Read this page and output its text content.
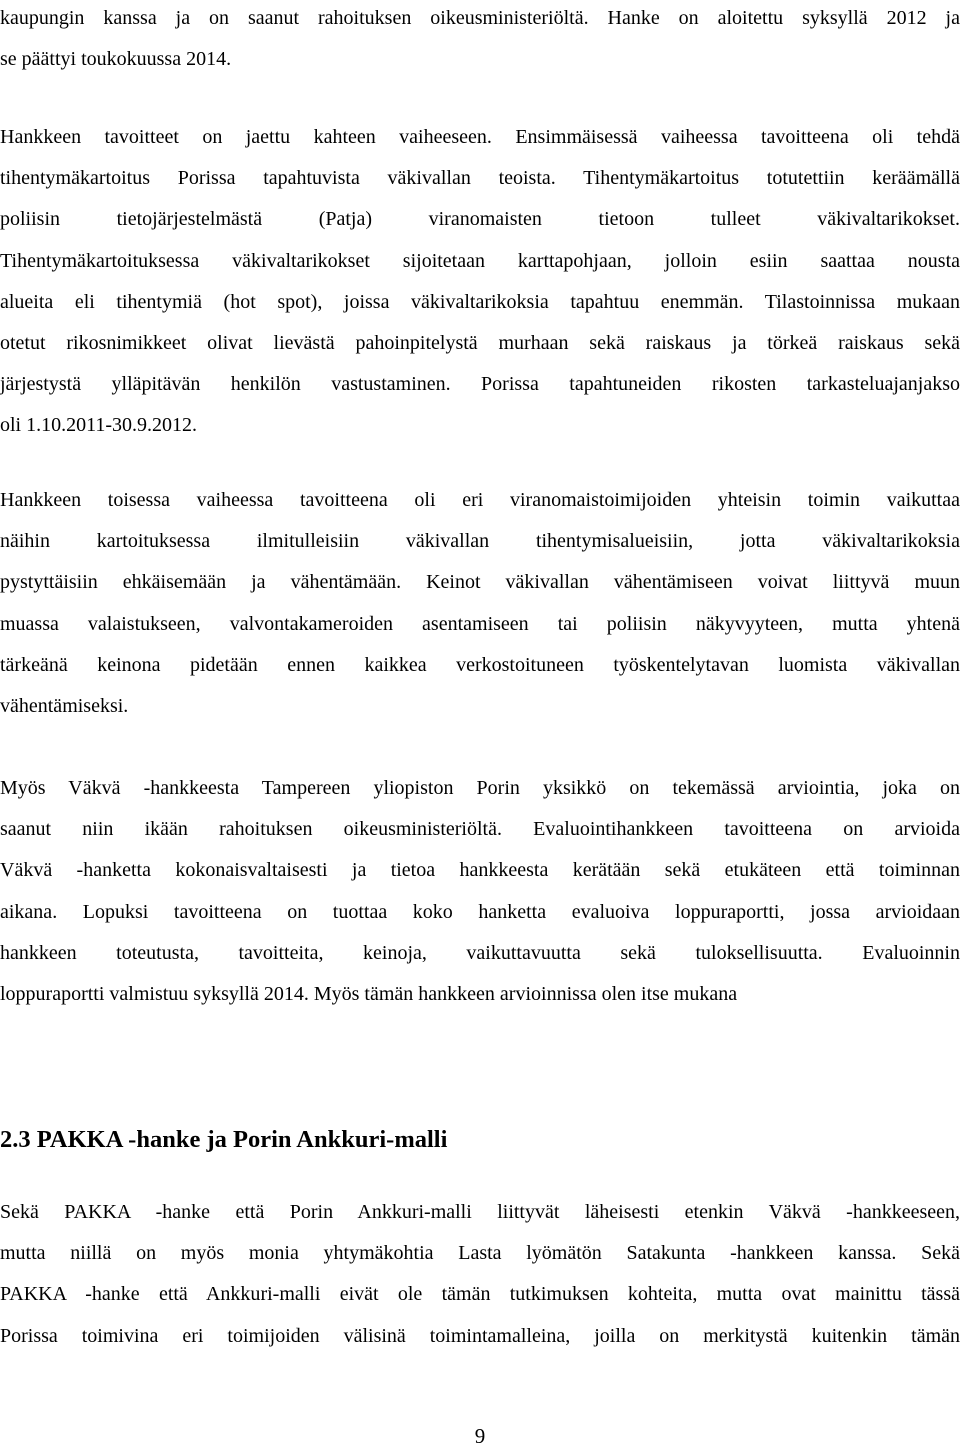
kaupungin kanssa ja on saanut rahoituksen oikeusministeriöltä. Hanke on aloitettu syksyllä 2012 ja
se päättyi toukokuussa 2014.
Hankkeen tavoitteet on jaettu kahteen vaiheeseen. Ensimmäisessä vaiheessa tavoitteena oli tehdä
tihentymäkartoitus Porissa tapahtuvista väkivallan teoista. Tihentymäkartoitus totutettiin keräämällä
poliisin tietojärjestelmästä (Patja) viranomaisten tietoon tulleet väkivaltarikokset.
Tihentymäkartoituksessa väkivaltarikokset sijoitetaan karttapohjaan, jolloin esiin saattaa nousta
alueita eli tihentymiä (hot spot), joissa väkivaltarikoksia tapahtuu enemmän. Tilastoinnissa mukaan
otetut rikosnimikkeet olivat lievästä pahoinpitelystä murhaan sekä raiskaus ja törkeä raiskaus sekä
järjestystä ylläpitävän henkilön vastustaminen. Porissa tapahtuneiden rikosten tarkasteluajanjakso
oli 1.10.2011-30.9.2012.
Hankkeen toisessa vaiheessa tavoitteena oli eri viranomaistoimijoiden yhteisin toimin vaikuttaa
näihin kartoituksessa ilmitulleisiin väkivallan tihentymisalueisiin, jotta väkivaltarikoksia
pystyttäisiin ehkäisemään ja vähentämään. Keinot väkivallan vähentämiseen voivat liittyvä muun
muassa valaistukseen, valvontakameroiden asentamiseen tai poliisin näkyvyyteen, mutta yhtenä
tärkeänä keinona pidetään ennen kaikkea verkostoituneen työskentelytavan luomista väkivallan
vähentämiseksi.
Myös Väkvä -hankkeesta Tampereen yliopiston Porin yksikkö on tekemässä arviointia, joka on
saanut niin ikään rahoituksen oikeusministeriöltä. Evaluointihankkeen tavoitteena on arvioida
Väkvä -hanketta kokonaisvaltaisesti ja tietoa hankkeesta kerätään sekä etukäteen että toiminnan
aikana. Lopuksi tavoitteena on tuottaa koko hanketta evaluoiva loppuraportti, jossa arvioidaan
hankkeen toteutusta, tavoitteita, keinoja, vaikuttavuutta sekä tuloksellisuutta. Evaluoinnin
loppuraportti valmistuu syksyllä 2014. Myös tämän hankkeen arvioinnissa olen itse mukana
2.3 PAKKA -hanke ja Porin Ankkuri-malli
Sekä PAKKA -hanke että Porin Ankkuri-malli liittyvät läheisesti etenkin Väkvä -hankkeeseen,
mutta niillä on myös monia yhtymäkohtia Lasta lyömätön Satakunta -hankkeen kanssa. Sekä
PAKKA -hanke että Ankkuri-malli eivät ole tämän tutkimuksen kohteita, mutta ovat mainittu tässä
Porissa toimivina eri toimijoiden välisinä toimintamalleina, joilla on merkitystä kuitenkin tämän
9
